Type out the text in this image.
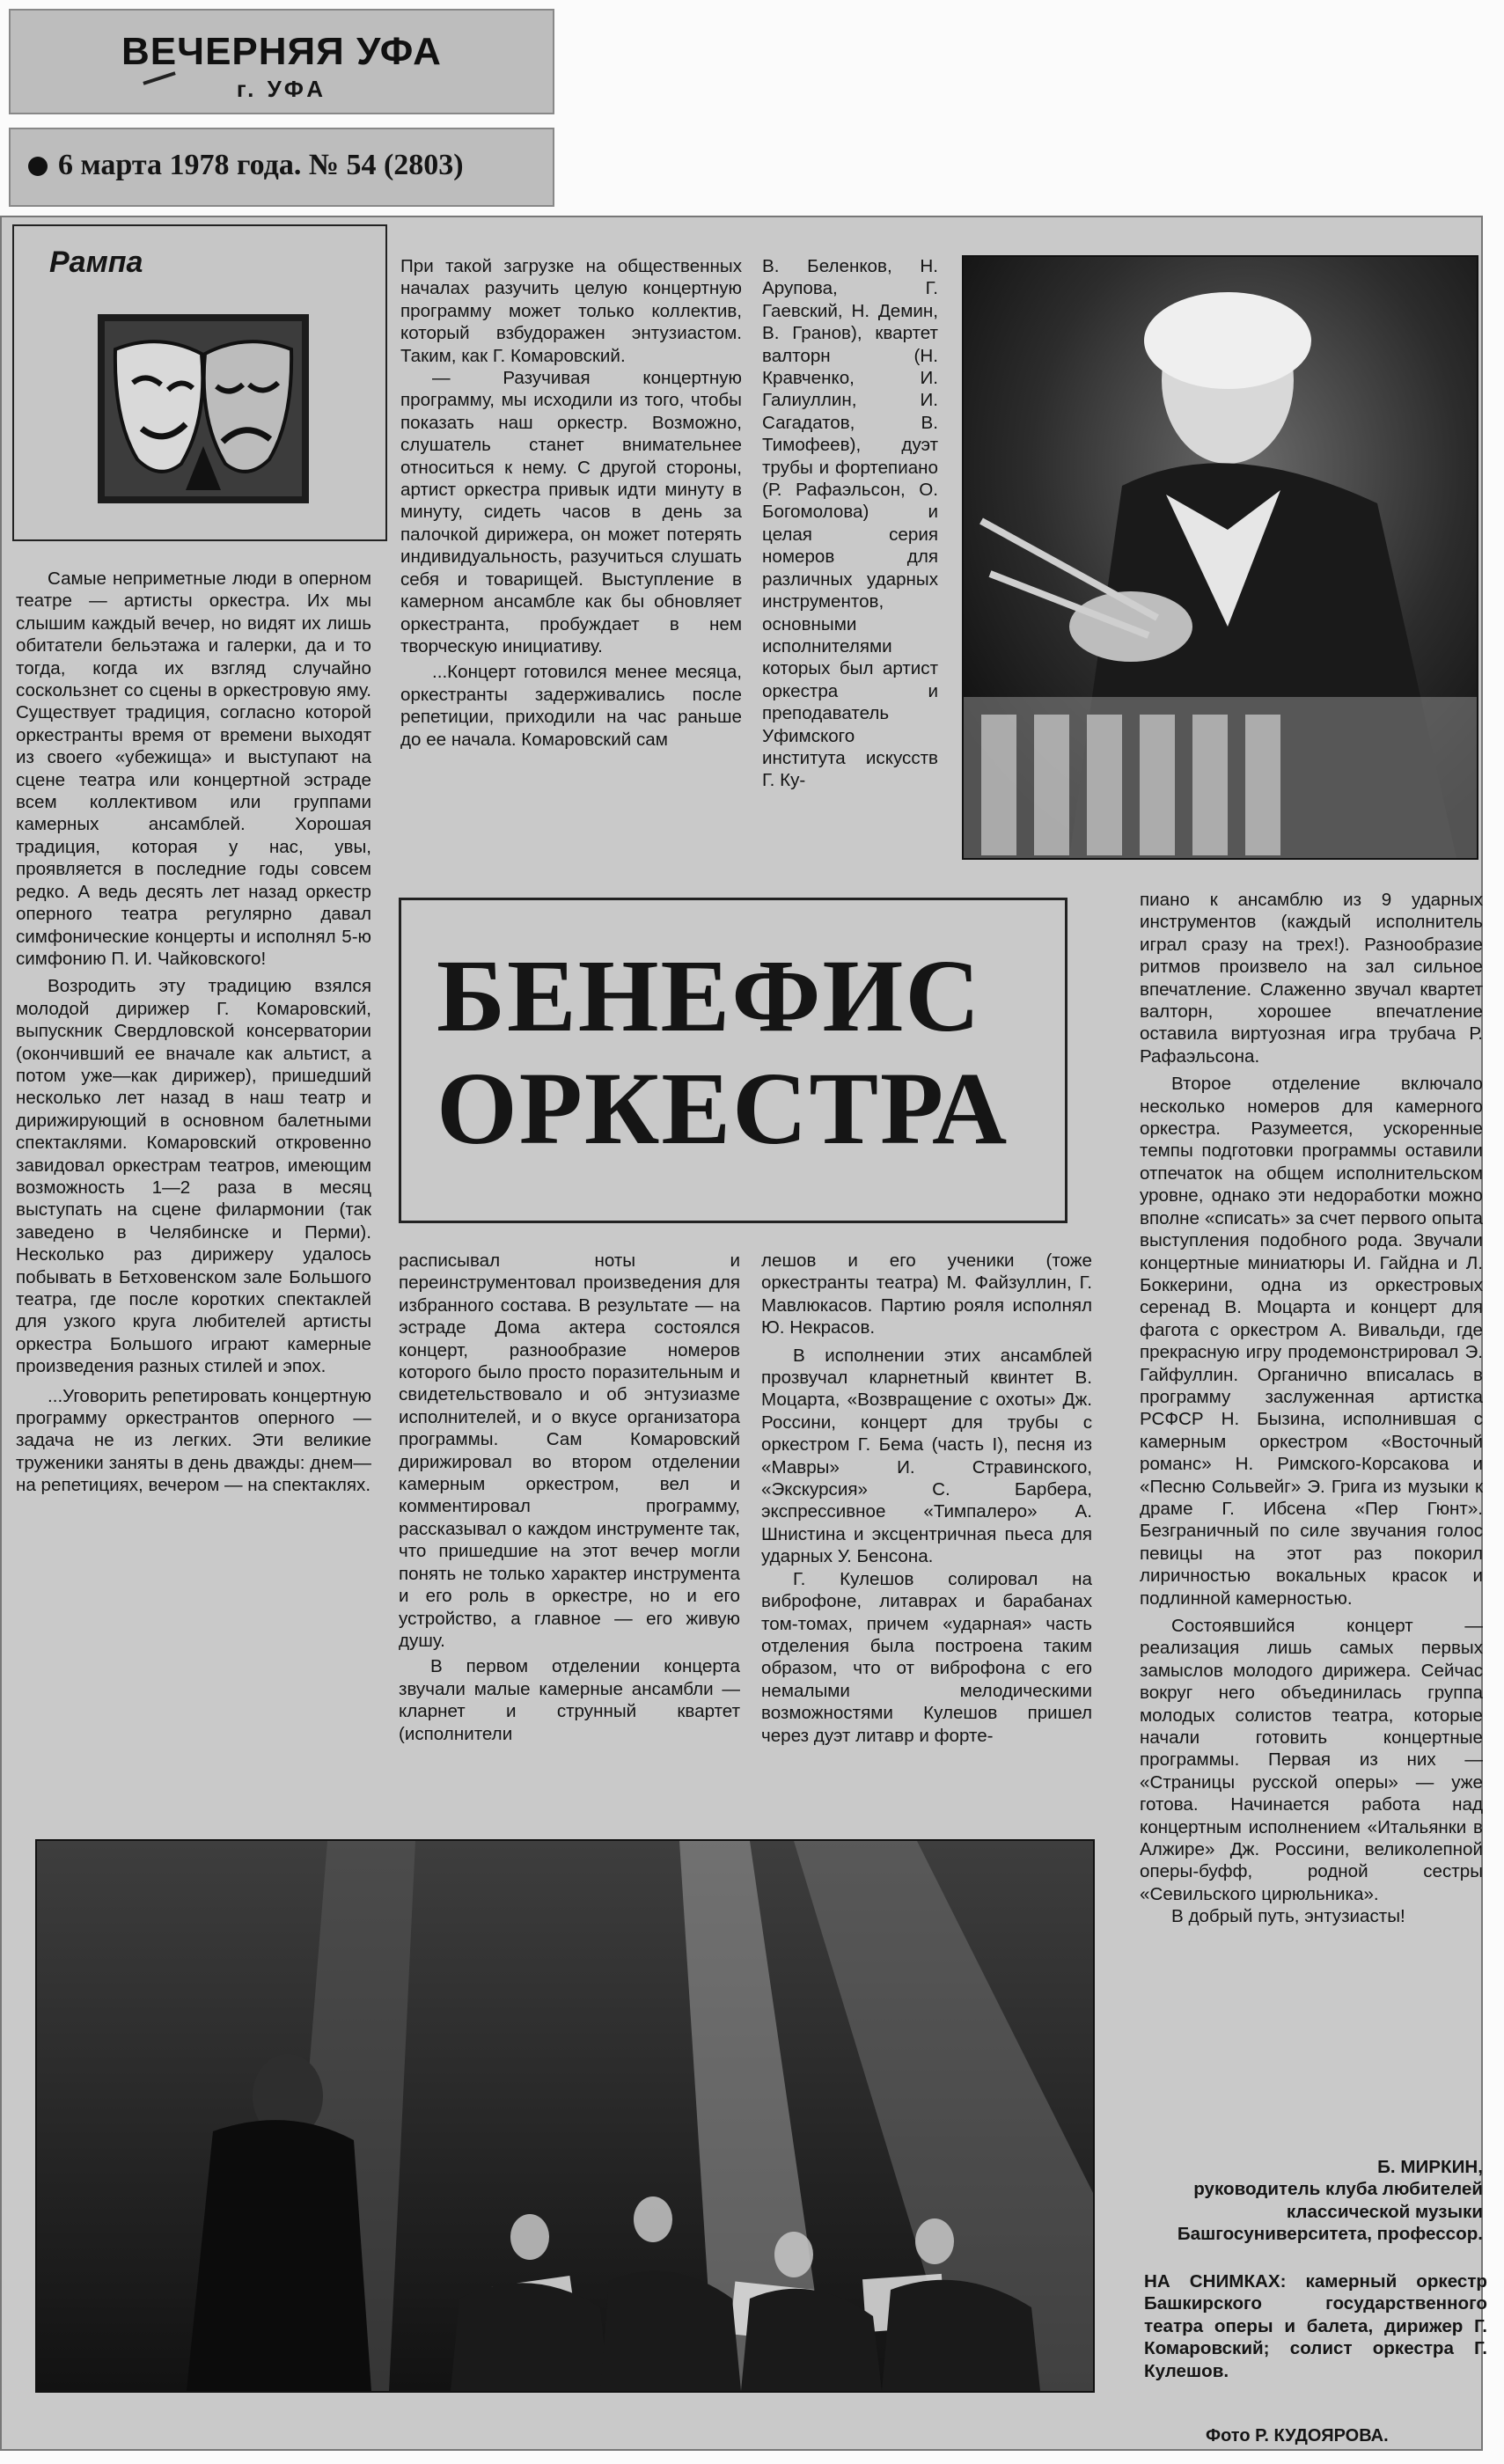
ВЕЧЕРНЯЯ УФА
г. УФА
6 марта 1978 года. № 54 (2803)
Рампа

Самые неприметные люди в оперном театре — артисты оркестра. Их мы слышим каждый вечер, но видят их лишь обитатели бельэтажа и галерки, да и то тогда, когда их взгляд случайно соскользнет со сцены в оркестровую яму. Существует традиция, согласно которой оркестранты время от времени выходят из своего «убежища» и выступают на сцене театра или концертной эстраде всем коллективом или группами камерных ансамблей. Хорошая традиция, которая у нас, увы, проявляется в последние годы совсем редко. А ведь десять лет назад оркестр оперного театра регулярно давал симфонические концерты и исполнял 5-ю симфонию П. И. Чайковского!

Возродить эту традицию взялся молодой дирижер Г. Комаровский, выпускник Свердловской консерватории (окончивший ее вначале как альтист, а потом уже—как дирижер), пришедший несколько лет назад в наш театр и дирижирующий в основном балетными спектаклями. Комаровский откровенно завидовал оркестрам театров, имеющим возможность 1—2 раза в месяц выступать на сцене филармонии (так заведено в Челябинске и Перми). Несколько раз дирижеру удалось побывать в Бетховенском зале Большого театра, где после коротких спектаклей для узкого круга любителей артисты оркестра Большого играют камерные произведения разных стилей и эпох.

...Уговорить репетировать концертную программу оркестрантов оперного — задача не из легких. Эти великие труженики заняты в день дважды: днем—на репетициях, вечером — на спектаклях.

При такой загрузке на общественных началах разучить целую концертную программу может только коллектив, который взбудоражен энтузиастом. Таким, как Г. Комаровский.

— Разучивая концертную программу, мы исходили из того, чтобы показать наш оркестр. Возможно, слушатель станет внимательнее относиться к нему. С другой стороны, артист оркестра привык идти минуту в минуту, сидеть часов в день за палочкой дирижера, он может потерять индивидуальность, разучиться слушать себя и товарищей. Выступление в камерном ансамбле как бы обновляет оркестранта, пробуждает в нем творческую инициативу.

...Концерт готовился менее месяца, оркестранты задерживались после репетиции, приходили на час раньше до ее начала. Комаровский сам

В. Беленков, Н. Арупова, Г. Гаевский, Н. Демин, В. Гранов), квартет валторн (Н. Кравченко, И. Галиуллин, И. Сагадатов, В. Тимофеев), дуэт трубы и фортепиано (Р. Рафаэльсон, О. Богомолова) и целая серия номеров для различных ударных инструментов, основными исполнителями которых был артист оркестра и преподаватель Уфимского института искусств Г. Ку-

БЕНЕФИС
ОРКЕСТРА

расписывал ноты и переинструментовал произведения для избранного состава. В результате — на эстраде Дома актера состоялся концерт, разнообразие номеров которого было просто поразительным и свидетельствовало и об энтузиазме исполнителей, и о вкусе организатора программы. Сам Комаровский дирижировал во втором отделении камерным оркестром, вел и комментировал программу, рассказывал о каждом инструменте так, что пришедшие на этот вечер могли понять не только характер инструмента и его роль в оркестре, но и его устройство, а главное — его живую душу.

В первом отделении концерта звучали малые камерные ансамбли — кларнет и струнный квартет (исполнители

лешов и его ученики (тоже оркестранты театра) М. Файзуллин, Г. Мавлюкасов. Партию рояля исполнял Ю. Некрасов.

В исполнении этих ансамблей прозвучал кларнетный квинтет В. Моцарта, «Возвращение с охоты» Дж. Россини, концерт для трубы с оркестром Г. Бема (часть I), песня из «Мавры» И. Стравинского, «Экскурсия» С. Барбера, экспрессивное «Тимпалеро» А. Шнистина и эксцентричная пьеса для ударных У. Бенсона.

Г. Кулешов солировал на виброфоне, литаврах и барабанах том-томах, причем «ударная» часть отделения была построена таким образом, что от виброфона с его немалыми мелодическими возможностями Кулешов пришел через дуэт литавр и форте-

пиано к ансамблю из 9 ударных инструментов (каждый исполнитель играл сразу на трех!). Разнообразие ритмов произвело на зал сильное впечатление. Слаженно звучал квартет валторн, хорошее впечатление оставила виртуозная игра трубача Р. Рафаэльсона.

Второе отделение включало несколько номеров для камерного оркестра. Разумеется, ускоренные темпы подготовки программы оставили отпечаток на общем исполнительском уровне, однако эти недоработки можно вполне «списать» за счет первого опыта выступления подобного рода. Звучали концертные миниатюры И. Гайдна и Л. Боккерини, одна из оркестровых серенад В. Моцарта и концерт для фагота с оркестром А. Вивальди, где прекрасную игру продемонстрировал Э. Гайфуллин. Органично вписалась в программу заслуженная артистка РСФСР Н. Бызина, исполнившая с камерным оркестром «Восточный романс» Н. Римского-Корсакова и «Песню Сольвейг» Э. Грига из музыки к драме Г. Ибсена «Пер Гюнт». Безграничный по силе звучания голос певицы на этот раз покорил лиричностью вокальных красок и подлинной камерностью.

Состоявшийся концерт — реализация лишь самых первых замыслов молодого дирижера. Сейчас вокруг него объединилась группа молодых солистов театра, которые начали готовить концертные программы. Первая из них — «Страницы русской оперы» — уже готова. Начинается работа над концертным исполнением «Итальянки в Алжире» Дж. Россини, великолепной оперы-буфф, родной сестры «Севильского цирюльника».

В добрый путь, энтузиасты!

Б. МИРКИН,
руководитель клуба любителей классической музыки Башгосуниверситета, профессор.
НА СНИМКАХ: камерный оркестр Башкирского государственного театра оперы и балета, дирижер Г. Комаровский; солист оркестра Г. Кулешов.
Фото Р. КУДОЯРОВА.
